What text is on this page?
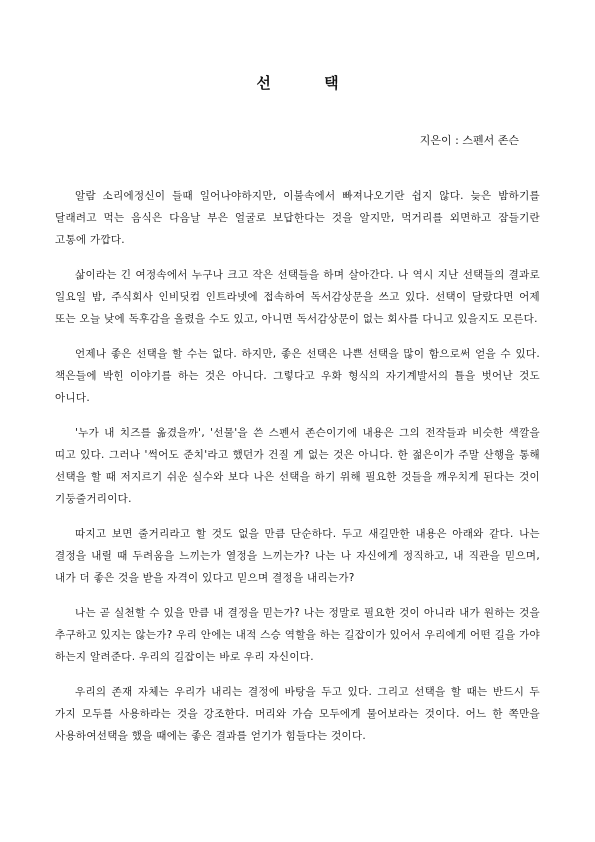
선 택
지은이 : 스펜서 존슨

알람 소리에정신이 들때 일어나야하지만, 이불속에서 빠져나오기란 쉽지 않다. 늦은 밤하기를 달래려고 먹는 음식은 다음날 부은 얼굴로 보답한다는 것을 알지만, 먹거리를 외면하고 잠들기란 고통에 가깝다.

삶이라는 긴 여정속에서 누구나 크고 작은 선택들을 하며 살아간다. 나 역시 지난 선택들의 결과로 일요일 밤, 주식회사 인비딧컴 인트라넷에 접속하여 독서감상문을 쓰고 있다. 선택이 달랐다면 어제 또는 오늘 낮에 독후감을 올렸을 수도 있고, 아니면 독서감상문이 없는 회사를 다니고 있을지도 모른다.

언제나 좋은 선택을 할 수는 없다. 하지만, 좋은 선택은 나쁜 선택을 많이 함으로써 얻을 수 있다. 책은들에 박힌 이야기를 하는 것은 아니다. 그렇다고 우화 형식의 자기계발서의 틀을 벗어난 것도 아니다.

'누가 내 치즈를 옮겼을까', '선물'을 쓴 스펜서 존슨이기에 내용은 그의 전작들과 비슷한 색깔을 띠고 있다. 그러나 '썩어도 준치'라고 했던가 건질 게 없는 것은 아니다. 한 젊은이가 주말 산행을 통해 선택을 할 때 저지르기 쉬운 실수와 보다 나은 선택을 하기 위해 필요한 것들을 깨우치게 된다는 것이 기둥줄거리이다.

따지고 보면 줄거리라고 할 것도 없을 만큼 단순하다. 두고 새길만한 내용은 아래와 같다. 나는 결정을 내릴 때 두려움을 느끼는가 열정을 느끼는가? 나는 나 자신에게 정직하고, 내 직관을 믿으며, 내가 더 좋은 것을 받을 자격이 있다고 믿으며 결정을 내리는가?

나는 곧 실천할 수 있을 만큼 내 결정을 믿는가? 나는 정말로 필요한 것이 아니라 내가 원하는 것을 추구하고 있지는 않는가? 우리 안에는 내적 스승 역할을 하는 길잡이가 있어서 우리에게 어떤 길을 가야 하는지 알려준다. 우리의 길잡이는 바로 우리 자신이다.

우리의 존재 자체는 우리가 내리는 결정에 바탕을 두고 있다. 그리고 선택을 할 때는 반드시 두 가지 모두를 사용하라는 것을 강조한다. 머리와 가슴 모두에게 물어보라는 것이다. 어느 한 쪽만을 사용하여선택을 했을 때에는 좋은 결과를 얻기가 힘들다는 것이다.
